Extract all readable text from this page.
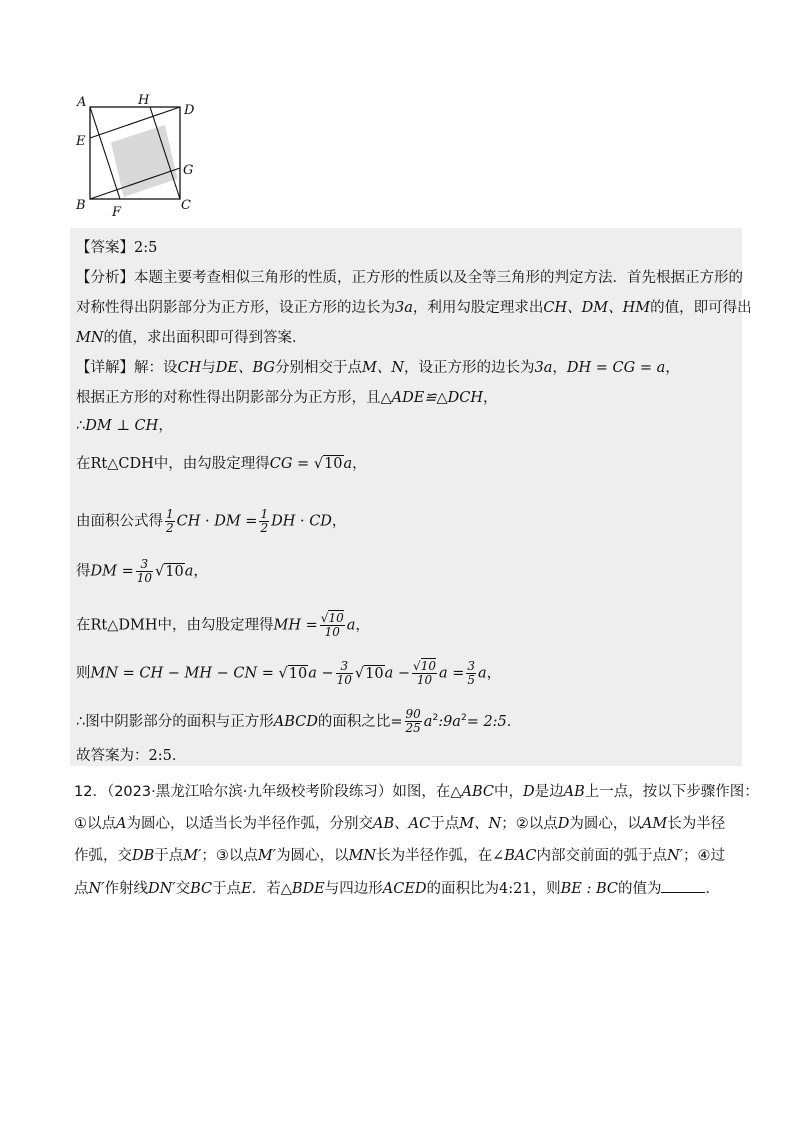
A	H
D
E
G
B F	C
【答案】2:5
【分析】本题主要考查相似三角形的性质，正方形的性质以及全等三角形的判定方法．首先根据正方形的
对称性得出阴影部分为正方形，设正方形的边长为3a，利用勾股定理求出CH、DM、HM的值，即可得出
MN的值，求出面积即可得到答案．
【详解】解：设CH与DE、BG分别相交于点M、N，设正方形的边长为3a，DH = CG = a，
根据正方形的对称性得出阴影部分为正方形，且△ADE≌△DCH，
∴DM ⊥ CH，
在Rt△CDH中，由勾股定理得CG = √10a，
由面积公式得 $\frac{1}{2}$ CH · DM = $\frac{1}{2}$ DH · CD，
得DM = $\frac{3}{10} √10a$，
在Rt△DMH中，由勾股定理得MH = $\frac{√10}{10}$ a，
则MN = CH − MH − CN = $√10a - \frac{3}{10} √10a - \frac{√10}{10}$ $a = \frac{3}{5}$ a，
∴图中阴影部分的面积与正方形ABCD的面积之比= $\frac{90}{25}$ $a^2:9a^2=$ 2:5．
故答案为：2:5．
12．（2023·黑龙江哈尔滨·九年级校考阶段练习）如图，在△ABC中，D是边AB上一点，按以下步骤作图：
①以点A为圆心，以适当长为半径作弧，分别交AB、AC于点M、N；②以点D为圆心，以AM长为半径
作弧，交DB于点M′；③以点M′为圆心，以MN长为半径作弧，在∠BAC内部交前面的弧于点N′；④过
点N′作射线DN′交BC于点E．若△BDE与四边形ACED的面积比为4:21，则BE : BC的值为	．
